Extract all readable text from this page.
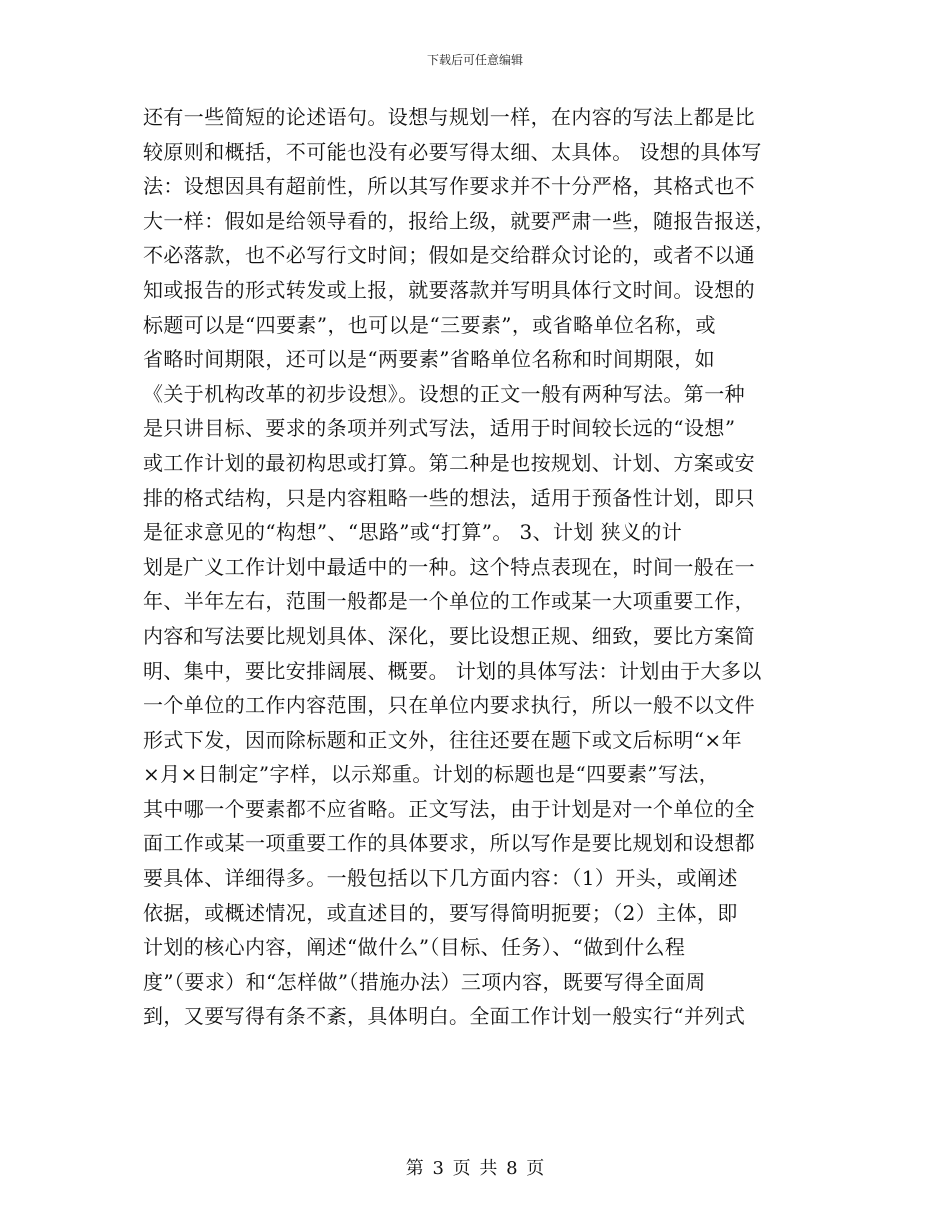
下载后可任意编辑
还有一些简短的论述语句。设想与规划一样，在内容的写法上都是比
较原则和概括，不可能也没有必要写得太细、太具体。 设想的具体写
法：设想因具有超前性，所以其写作要求并不十分严格，其格式也不
大一样：假如是给领导看的，报给上级，就要严肃一些，随报告报送，
不必落款，也不必写行文时间；假如是交给群众讨论的，或者不以通
知或报告的形式转发或上报，就要落款并写明具体行文时间。设想的
标题可以是“四要素”，也可以是“三要素”，或省略单位名称，或
省略时间期限，还可以是“两要素”省略单位名称和时间期限，如
《关于机构改革的初步设想》。设想的正文一般有两种写法。第一种
是只讲目标、要求的条项并列式写法，适用于时间较长远的“设想”
或工作计划的最初构思或打算。第二种是也按规划、计划、方案或安
排的格式结构，只是内容粗略一些的想法，适用于预备性计划，即只
是征求意见的“构想”、“思路”或“打算”。 3、计划 狭义的计
划是广义工作计划中最适中的一种。这个特点表现在，时间一般在一
年、半年左右，范围一般都是一个单位的工作或某一大项重要工作，
内容和写法要比规划具体、深化，要比设想正规、细致，要比方案简
明、集中，要比安排阔展、概要。 计划的具体写法：计划由于大多以
一个单位的工作内容范围，只在单位内要求执行，所以一般不以文件
形式下发，因而除标题和正文外，往往还要在题下或文后标明“×年
×月×日制定”字样，以示郑重。计划的标题也是“四要素”写法，
其中哪一个要素都不应省略。正文写法，由于计划是对一个单位的全
面工作或某一项重要工作的具体要求，所以写作是要比规划和设想都
要具体、详细得多。一般包括以下几方面内容：（1）开头，或阐述
依据，或概述情况，或直述目的，要写得简明扼要；（2）主体，即
计划的核心内容，阐述“做什么”（目标、任务）、“做到什么程
度”（要求）和“怎样做”（措施办法）三项内容，既要写得全面周
到，又要写得有条不紊，具体明白。全面工作计划一般实行“并列式
第 3 页 共 8 页
